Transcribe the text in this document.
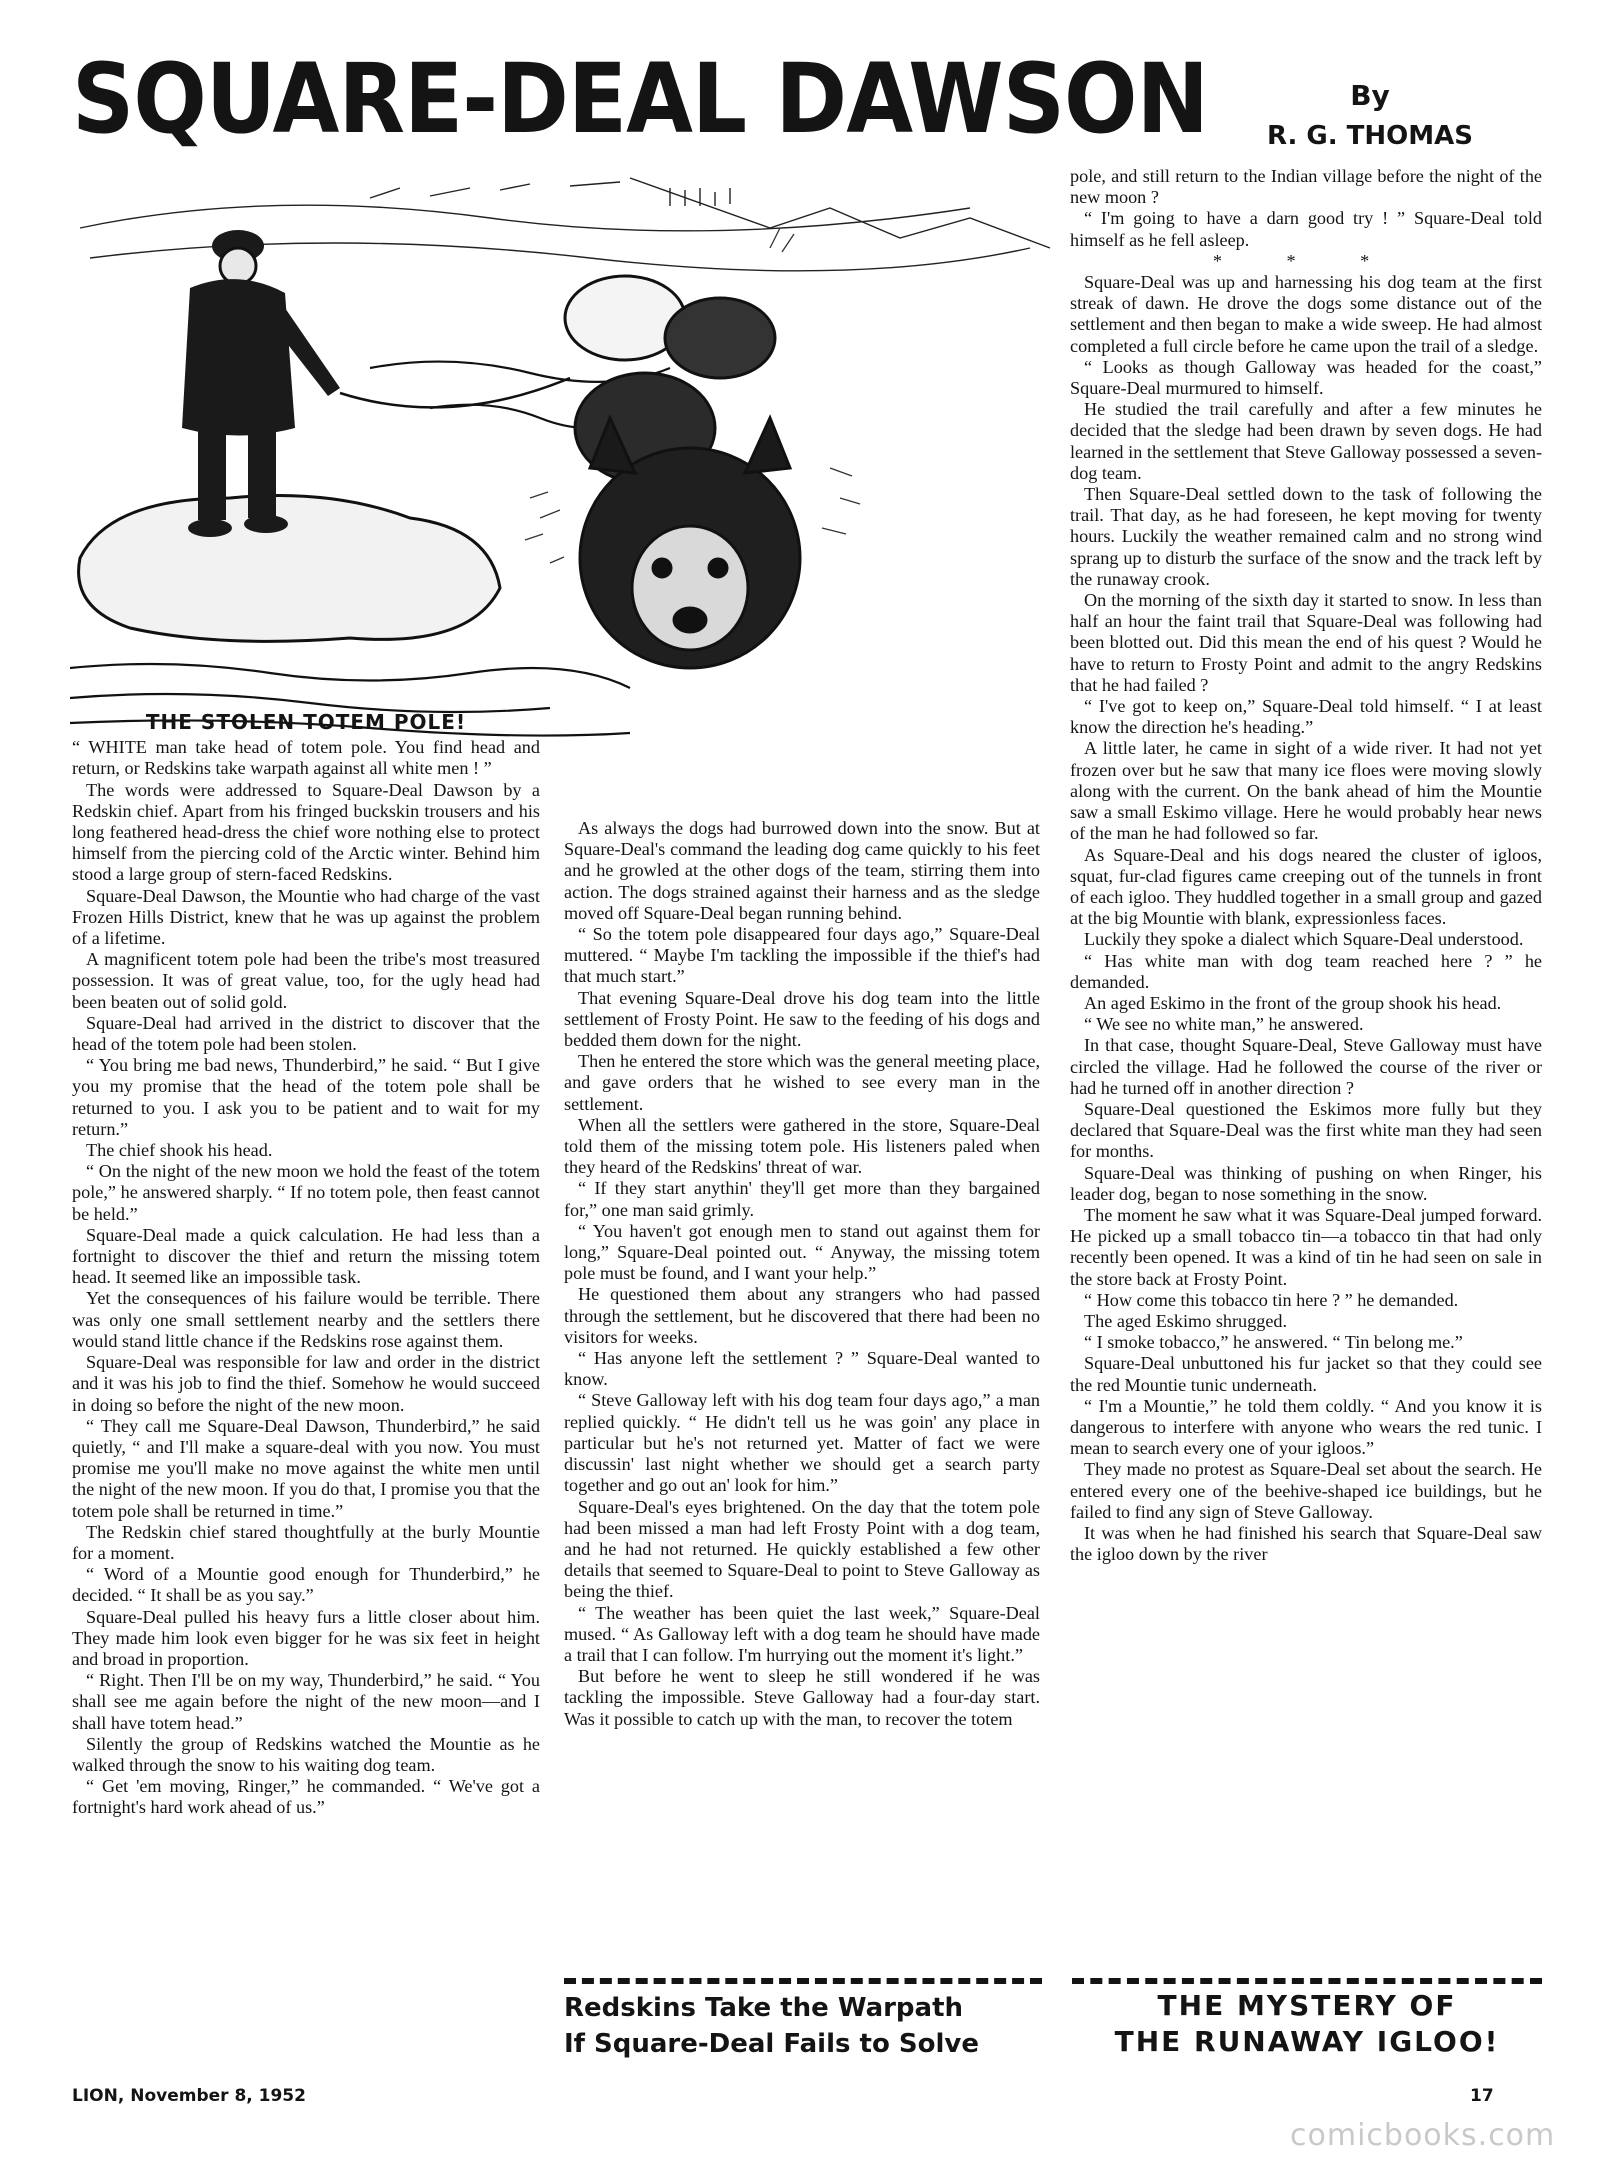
SQUARE-DEAL DAWSON	By
R. G. THOMAS
THE STOLEN TOTEM POLE!

“ WHITE man take head of totem pole. You find head and return, or Redskins take warpath against all white men ! ”

The words were addressed to Square-Deal Dawson by a Redskin chief. Apart from his fringed buckskin trousers and his long feathered head-dress the chief wore nothing else to protect himself from the piercing cold of the Arctic winter. Behind him stood a large group of stern-faced Redskins.

Square-Deal Dawson, the Mountie who had charge of the vast Frozen Hills District, knew that he was up against the problem of a lifetime.

A magnificent totem pole had been the tribe's most treasured possession. It was of great value, too, for the ugly head had been beaten out of solid gold.

Square-Deal had arrived in the district to discover that the head of the totem pole had been stolen.

“ You bring me bad news, Thunderbird,” he said. “ But I give you my promise that the head of the totem pole shall be returned to you. I ask you to be patient and to wait for my return.”

The chief shook his head.

“ On the night of the new moon we hold the feast of the totem pole,” he answered sharply. “ If no totem pole, then feast cannot be held.”

Square-Deal made a quick calculation. He had less than a fortnight to discover the thief and return the missing totem head. It seemed like an impossible task.

Yet the consequences of his failure would be terrible. There was only one small settlement nearby and the settlers there would stand little chance if the Redskins rose against them.

Square-Deal was responsible for law and order in the district and it was his job to find the thief. Somehow he would succeed in doing so before the night of the new moon.

“ They call me Square-Deal Dawson, Thunderbird,” he said quietly, “ and I'll make a square-deal with you now. You must promise me you'll make no move against the white men until the night of the new moon. If you do that, I promise you that the totem pole shall be returned in time.”

The Redskin chief stared thoughtfully at the burly Mountie for a moment.

“ Word of a Mountie good enough for Thunderbird,” he decided. “ It shall be as you say.”

Square-Deal pulled his heavy furs a little closer about him. They made him look even bigger for he was six feet in height and broad in proportion.

“ Right. Then I'll be on my way, Thunderbird,” he said. “ You shall see me again before the night of the new moon—and I shall have totem head.”

Silently the group of Redskins watched the Mountie as he walked through the snow to his waiting dog team.

“ Get 'em moving, Ringer,” he commanded. “ We've got a fortnight's hard work ahead of us.”

As always the dogs had burrowed down into the snow. But at Square-Deal's command the leading dog came quickly to his feet and he growled at the other dogs of the team, stirring them into action. The dogs strained against their harness and as the sledge moved off Square-Deal began running behind.

“ So the totem pole disappeared four days ago,” Square-Deal muttered. “ Maybe I'm tackling the impossible if the thief's had that much start.”

That evening Square-Deal drove his dog team into the little settlement of Frosty Point. He saw to the feeding of his dogs and bedded them down for the night.

Then he entered the store which was the general meeting place, and gave orders that he wished to see every man in the settlement.

When all the settlers were gathered in the store, Square-Deal told them of the missing totem pole. His listeners paled when they heard of the Redskins' threat of war.

“ If they start anythin' they'll get more than they bargained for,” one man said grimly.

“ You haven't got enough men to stand out against them for long,” Square-Deal pointed out. “ Anyway, the missing totem pole must be found, and I want your help.”

He questioned them about any strangers who had passed through the settlement, but he discovered that there had been no visitors for weeks.

“ Has anyone left the settlement ? ” Square-Deal wanted to know.

“ Steve Galloway left with his dog team four days ago,” a man replied quickly. “ He didn't tell us he was goin' any place in particular but he's not returned yet. Matter of fact we were discussin' last night whether we should get a search party together and go out an' look for him.”

Square-Deal's eyes brightened. On the day that the totem pole had been missed a man had left Frosty Point with a dog team, and he had not returned. He quickly established a few other details that seemed to Square-Deal to point to Steve Galloway as being the thief.

“ The weather has been quiet the last week,” Square-Deal mused. “ As Galloway left with a dog team he should have made a trail that I can follow. I'm hurrying out the moment it's light.”

But before he went to sleep he still wondered if he was tackling the impossible. Steve Galloway had a four-day start. Was it possible to catch up with the man, to recover the totem

pole, and still return to the Indian village before the night of the new moon ?

“ I'm going to have a darn good try ! ” Square-Deal told himself as he fell asleep.

* * *

Square-Deal was up and harnessing his dog team at the first streak of dawn. He drove the dogs some distance out of the settlement and then began to make a wide sweep. He had almost completed a full circle before he came upon the trail of a sledge.

“ Looks as though Galloway was headed for the coast,” Square-Deal murmured to himself.

He studied the trail carefully and after a few minutes he decided that the sledge had been drawn by seven dogs. He had learned in the settlement that Steve Galloway possessed a seven-dog team.

Then Square-Deal settled down to the task of following the trail. That day, as he had foreseen, he kept moving for twenty hours. Luckily the weather remained calm and no strong wind sprang up to disturb the surface of the snow and the track left by the runaway crook.

On the morning of the sixth day it started to snow. In less than half an hour the faint trail that Square-Deal was following had been blotted out. Did this mean the end of his quest ? Would he have to return to Frosty Point and admit to the angry Redskins that he had failed ?

“ I've got to keep on,” Square-Deal told himself. “ I at least know the direction he's heading.”

A little later, he came in sight of a wide river. It had not yet frozen over but he saw that many ice floes were moving slowly along with the current. On the bank ahead of him the Mountie saw a small Eskimo village. Here he would probably hear news of the man he had followed so far.

As Square-Deal and his dogs neared the cluster of igloos, squat, fur-clad figures came creeping out of the tunnels in front of each igloo. They huddled together in a small group and gazed at the big Mountie with blank, expressionless faces.

Luckily they spoke a dialect which Square-Deal understood.

“ Has white man with dog team reached here ? ” he demanded.

An aged Eskimo in the front of the group shook his head.

“ We see no white man,” he answered.

In that case, thought Square-Deal, Steve Galloway must have circled the village. Had he followed the course of the river or had he turned off in another direction ?

Square-Deal questioned the Eskimos more fully but they declared that Square-Deal was the first white man they had seen for months.

Square-Deal was thinking of pushing on when Ringer, his leader dog, began to nose something in the snow.

The moment he saw what it was Square-Deal jumped forward. He picked up a small tobacco tin—a tobacco tin that had only recently been opened. It was a kind of tin he had seen on sale in the store back at Frosty Point.

“ How come this tobacco tin here ? ” he demanded.

The aged Eskimo shrugged.

“ I smoke tobacco,” he answered. “ Tin belong me.”

Square-Deal unbuttoned his fur jacket so that they could see the red Mountie tunic underneath.

“ I'm a Mountie,” he told them coldly. “ And you know it is dangerous to interfere with anyone who wears the red tunic. I mean to search every one of your igloos.”

They made no protest as Square-Deal set about the search. He entered every one of the beehive-shaped ice buildings, but he failed to find any sign of Steve Galloway.

It was when he had finished his search that Square-Deal saw the igloo down by the river

Redskins Take the Warpath
If Square-Deal Fails to Solve
THE MYSTERY OF
THE RUNAWAY IGLOO!
LION, November 8, 1952	17
comicbooks.com
